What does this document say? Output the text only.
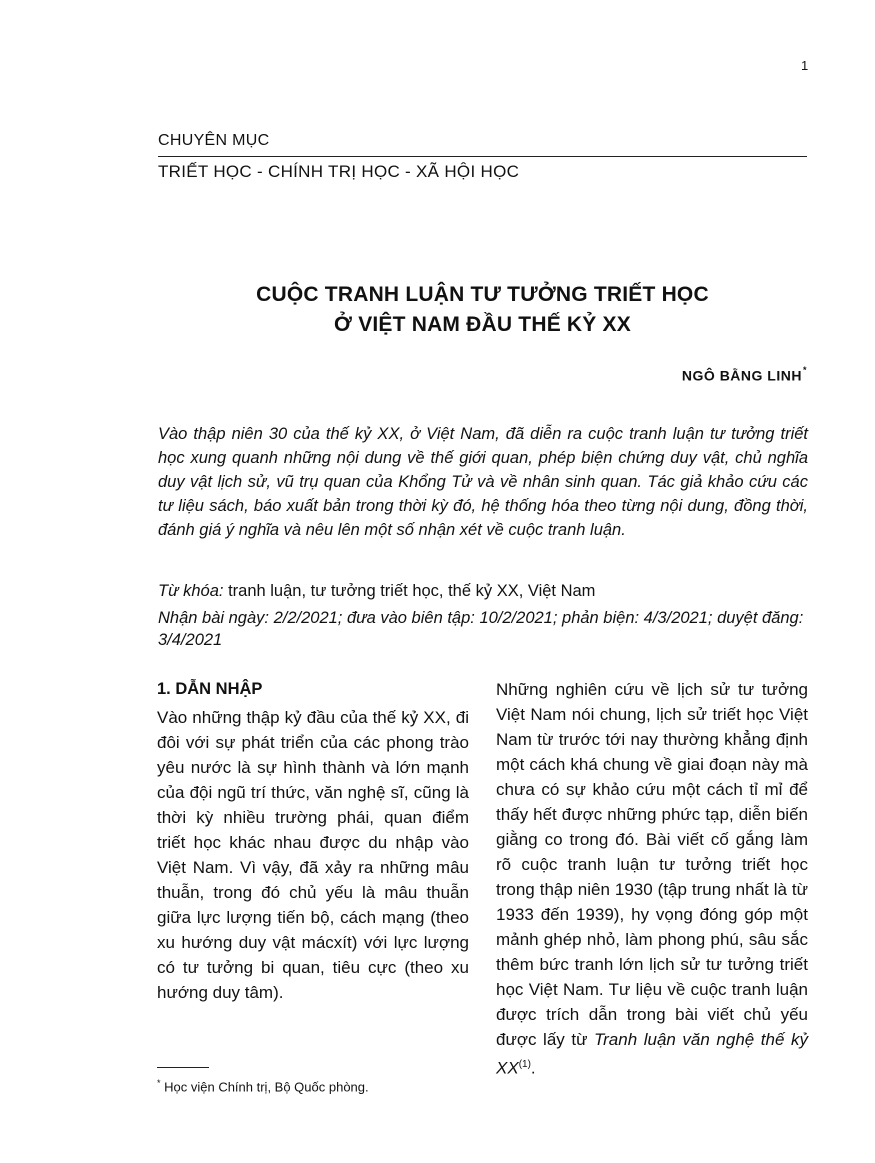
1
CHUYÊN MỤC
TRIẾT HỌC - CHÍNH TRỊ HỌC - XÃ HỘI HỌC
CUỘC TRANH LUẬN TƯ TƯỞNG TRIẾT HỌC
Ở VIỆT NAM ĐẦU THẾ KỶ XX
NGÔ BẰNG LINH*
Vào thập niên 30 của thế kỷ XX, ở Việt Nam, đã diễn ra cuộc tranh luận tư tưởng triết học xung quanh những nội dung về thế giới quan, phép biện chứng duy vật, chủ nghĩa duy vật lịch sử, vũ trụ quan của Khổng Tử và về nhân sinh quan. Tác giả khảo cứu các tư liệu sách, báo xuất bản trong thời kỳ đó, hệ thống hóa theo từng nội dung, đồng thời, đánh giá ý nghĩa và nêu lên một số nhận xét về cuộc tranh luận.
Từ khóa: tranh luận, tư tưởng triết học, thế kỷ XX, Việt Nam
Nhận bài ngày: 2/2/2021; đưa vào biên tập: 10/2/2021; phản biện: 4/3/2021; duyệt đăng: 3/4/2021
1. DẪN NHẬP
Vào những thập kỷ đầu của thế kỷ XX, đi đôi với sự phát triển của các phong trào yêu nước là sự hình thành và lớn mạnh của đội ngũ trí thức, văn nghệ sĩ, cũng là thời kỳ nhiều trường phái, quan điểm triết học khác nhau được du nhập vào Việt Nam. Vì vậy, đã xảy ra những mâu thuẫn, trong đó chủ yếu là mâu thuẫn giữa lực lượng tiến bộ, cách mạng (theo xu hướng duy vật mácxít) với lực lượng có tư tưởng bi quan, tiêu cực (theo xu hướng duy tâm).
Những nghiên cứu về lịch sử tư tưởng Việt Nam nói chung, lịch sử triết học Việt Nam từ trước tới nay thường khẳng định một cách khá chung về giai đoạn này mà chưa có sự khảo cứu một cách tỉ mỉ để thấy hết được những phức tạp, diễn biến giằng co trong đó. Bài viết cố gắng làm rõ cuộc tranh luận tư tưởng triết học trong thập niên 1930 (tập trung nhất là từ 1933 đến 1939), hy vọng đóng góp một mảnh ghép nhỏ, làm phong phú, sâu sắc thêm bức tranh lớn lịch sử tư tưởng triết học Việt Nam. Tư liệu về cuộc tranh luận được trích dẫn trong bài viết chủ yếu được lấy từ Tranh luận văn nghệ thế kỷ XX$^{(1)}$.
* Học viện Chính trị, Bộ Quốc phòng.
